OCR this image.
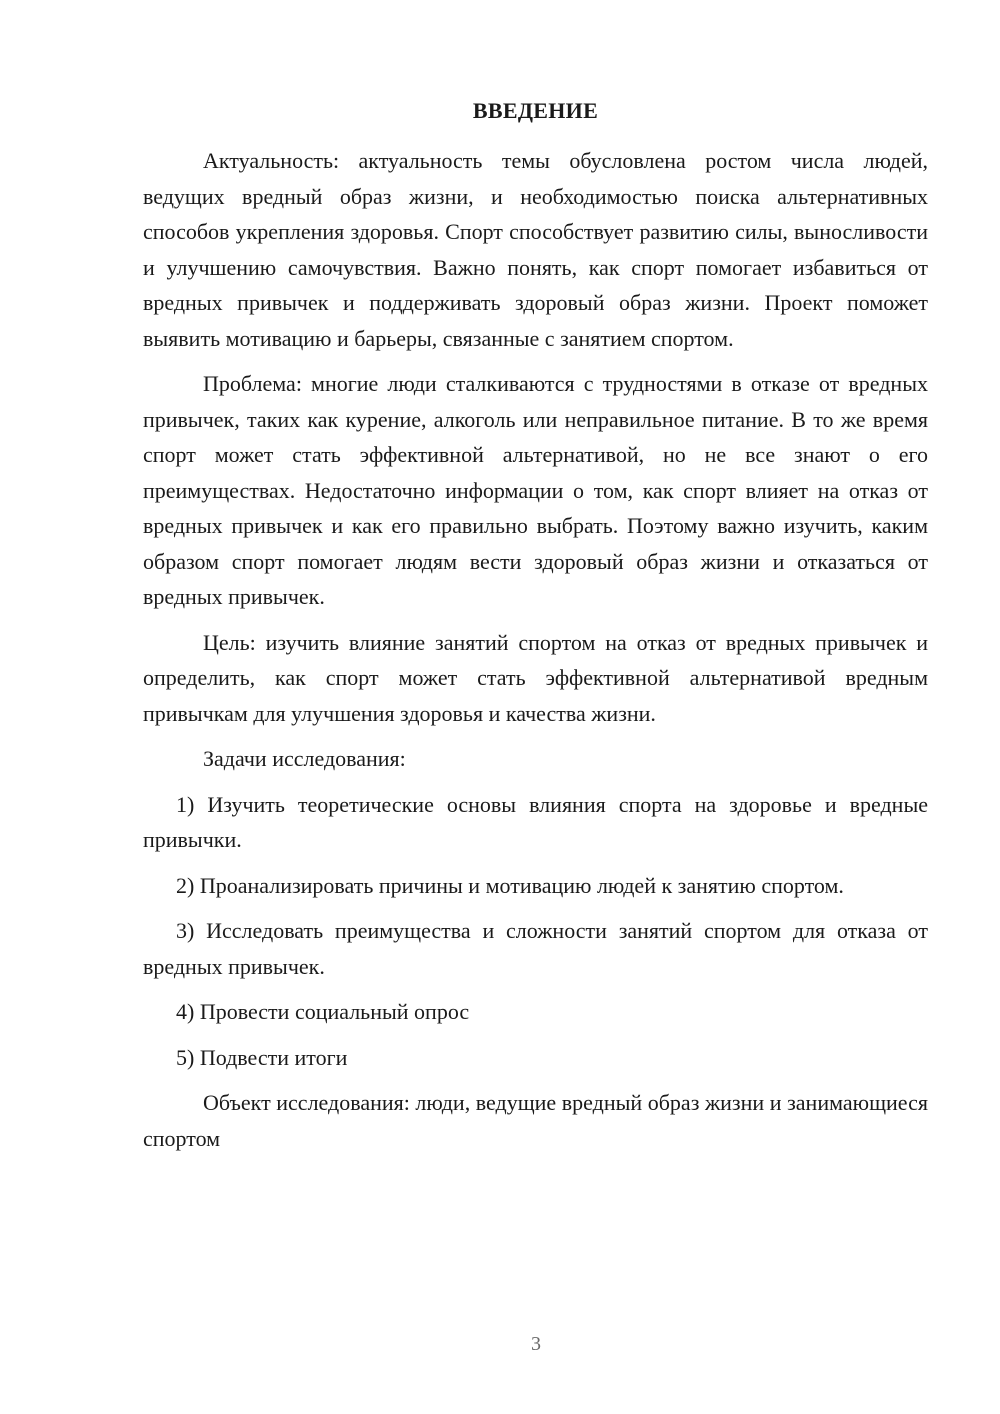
ВВЕДЕНИЕ

Актуальность: актуальность темы обусловлена ростом числа людей, ведущих вредный образ жизни, и необходимостью поиска альтернативных способов укрепления здоровья. Спорт способствует развитию силы, выносливости и улучшению самочувствия. Важно понять, как спорт помогает избавиться от вредных привычек и поддерживать здоровый образ жизни. Проект поможет выявить мотивацию и барьеры, связанные с занятием спортом.

Проблема: многие люди сталкиваются с трудностями в отказе от вредных привычек, таких как курение, алкоголь или неправильное питание. В то же время спорт может стать эффективной альтернативой, но не все знают о его преимуществах. Недостаточно информации о том, как спорт влияет на отказ от вредных привычек и как его правильно выбрать. Поэтому важно изучить, каким образом спорт помогает людям вести здоровый образ жизни и отказаться от вредных привычек.

Цель: изучить влияние занятий спортом на отказ от вредных привычек и определить, как спорт может стать эффективной альтернативой вредным привычкам для улучшения здоровья и качества жизни.

Задачи исследования:

1) Изучить теоретические основы влияния спорта на здоровье и вредные привычки.

2) Проанализировать причины и мотивацию людей к занятию спортом.

3) Исследовать преимущества и сложности занятий спортом для отказа от вредных привычек.

4) Провести социальный опрос

5) Подвести итоги

Объект исследования: люди, ведущие вредный образ жизни и занимающиеся спортом

3
